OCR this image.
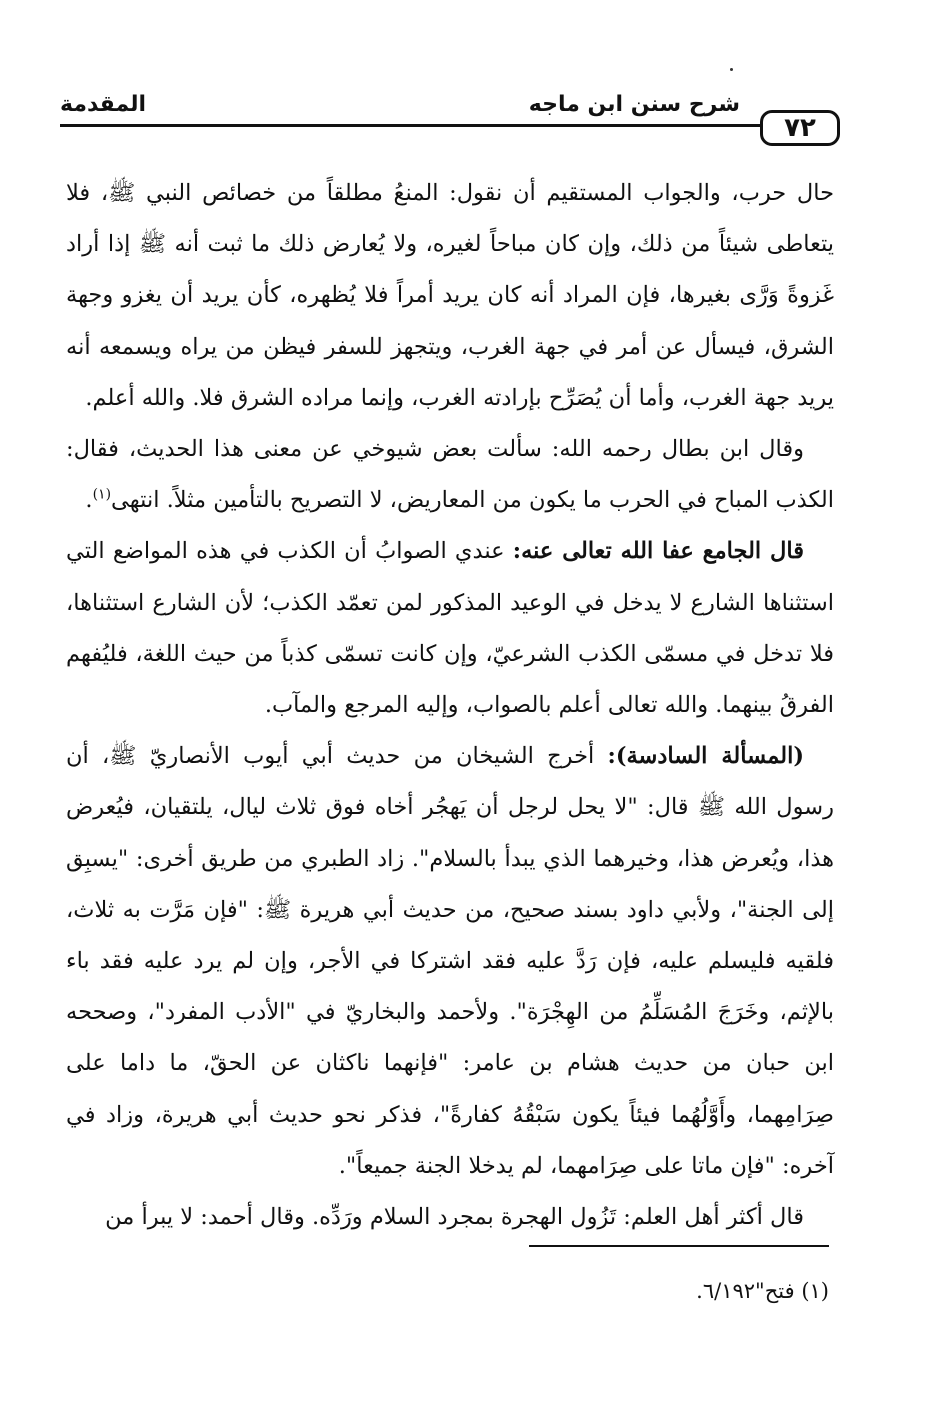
٧٢
شرح سنن ابن ماجه
المقدمة

حال حرب، والجواب المستقيم أن نقول: المنعُ مطلقاً من خصائص النبي ﷺ، فلا يتعاطى شيئاً من ذلك، وإن كان مباحاً لغيره، ولا يُعارض ذلك ما ثبت أنه ﷺ إذا أراد غَزوةً وَرَّى بغيرها، فإن المراد أنه كان يريد أمراً فلا يُظهره، كأن يريد أن يغزو وجهة الشرق، فيسأل عن أمر في جهة الغرب، ويتجهز للسفر فيظن من يراه ويسمعه أنه يريد جهة الغرب، وأما أن يُصَرِّح بإرادته الغرب، وإنما مراده الشرق فلا. والله أعلم.

وقال ابن بطال رحمه الله: سألت بعض شيوخي عن معنى هذا الحديث، فقال: الكذب المباح في الحرب ما يكون من المعاريض، لا التصريح بالتأمين مثلاً. انتهى$^{(١)}$.

قال الجامع عفا الله تعالى عنه: عندي الصوابُ أن الكذب في هذه المواضع التي استثناها الشارع لا يدخل في الوعيد المذكور لمن تعمّد الكذب؛ لأن الشارع استثناها، فلا تدخل في مسمّى الكذب الشرعيّ، وإن كانت تسمّى كذباً من حيث اللغة، فليُفهم الفرقُ بينهما. والله تعالى أعلم بالصواب، وإليه المرجع والمآب.

(المسألة السادسة): أخرج الشيخان من حديث أبي أيوب الأنصاريّ ﷺ، أن رسول الله ﷺ قال: "لا يحل لرجل أن يَهجُر أخاه فوق ثلاث ليال، يلتقيان، فيُعرض هذا، ويُعرض هذا، وخيرهما الذي يبدأ بالسلام". زاد الطبري من طريق أخرى: "يسبِق إلى الجنة"، ولأبي داود بسند صحيح، من حديث أبي هريرة ﷺ: "فإن مَرَّت به ثلاث، فلقيه فليسلم عليه، فإن رَدَّ عليه فقد اشتركا في الأجر، وإن لم يرد عليه فقد باء بالإثم، وخَرَجَ المُسَلِّمُ من الهِجْرَة". ولأحمد والبخاريّ في "الأدب المفرد"، وصححه ابن حبان من حديث هشام بن عامر: "فإنهما ناكثان عن الحقّ، ما داما على صِرَامِهما، وأَوَّلُهُما فيئاً يكون سَبْقُهُ كفارةً"، فذكر نحو حديث أبي هريرة، وزاد في آخره: "فإن ماتا على صِرَامهما، لم يدخلا الجنة جميعاً".

قال أكثر أهل العلم: تَزُول الهجرة بمجرد السلام ورَدِّه. وقال أحمد: لا يبرأ من

(١) فتح"٦/١٩٢.
